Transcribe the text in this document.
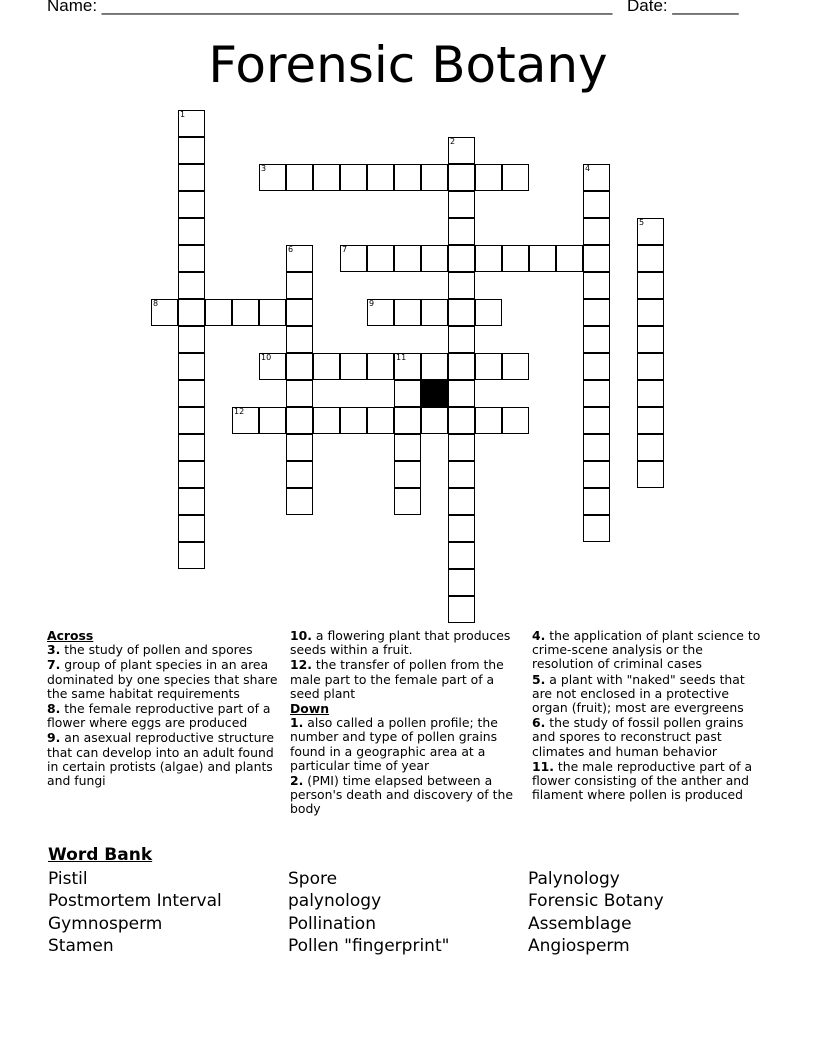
Name: ______________________________________________________ Date: _______
Forensic Botany
1
2
3	4
5
6	7
8	9
10	11
12
Across
3. the study of pollen and spores
7. group of plant species in an area dominated by one species that share the same habitat requirements
8. the female reproductive part of a flower where eggs are produced
9. an asexual reproductive structure that can develop into an adult found in certain protists (algae) and plants and fungi
10. a flowering plant that produces seeds within a fruit.
12. the transfer of pollen from the male part to the female part of a seed plant
Down
1. also called a pollen profile; the number and type of pollen grains found in a geographic area at a particular time of year
2. (PMI) time elapsed between a person's death and discovery of the body
4. the application of plant science to crime-scene analysis or the resolution of criminal cases
5. a plant with "naked" seeds that are not enclosed in a protective organ (fruit); most are evergreens
6. the study of fossil pollen grains and spores to reconstruct past climates and human behavior
11. the male reproductive part of a flower consisting of the anther and filament where pollen is produced
Word Bank
Pistil	Spore	Palynology
Postmortem Interval	palynology	Forensic Botany
Gymnosperm	Pollination	Assemblage
Stamen	Pollen "fingerprint"	Angiosperm
